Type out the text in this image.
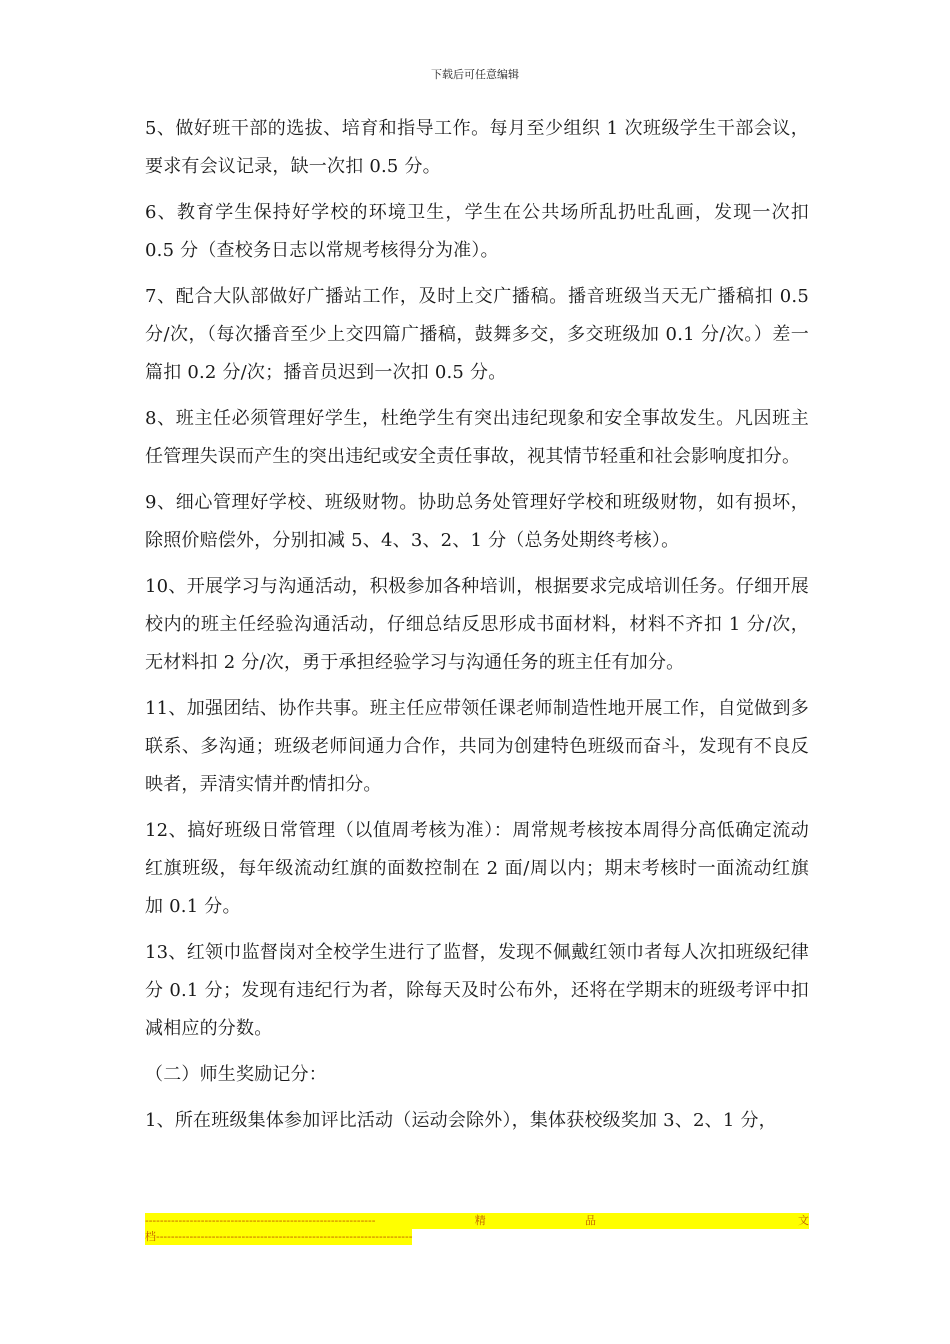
下载后可任意编辑

5、做好班干部的选拔、培育和指导工作。每月至少组织 1 次班级学生干部会议，要求有会议记录，缺一次扣 0.5 分。

6、教育学生保持好学校的环境卫生，学生在公共场所乱扔吐乱画，发现一次扣 0.5 分（查校务日志以常规考核得分为准）。

7、配合大队部做好广播站工作，及时上交广播稿。播音班级当天无广播稿扣 0.5 分/次，（每次播音至少上交四篇广播稿，鼓舞多交，多交班级加 0.1 分/次。）差一篇扣 0.2 分/次；播音员迟到一次扣 0.5 分。

8、班主任必须管理好学生，杜绝学生有突出违纪现象和安全事故发生。凡因班主任管理失误而产生的突出违纪或安全责任事故，视其情节轻重和社会影响度扣分。

9、细心管理好学校、班级财物。协助总务处管理好学校和班级财物，如有损坏，除照价赔偿外，分别扣减 5、4、3、2、1 分（总务处期终考核）。

10、开展学习与沟通活动，积极参加各种培训，根据要求完成培训任务。仔细开展校内的班主任经验沟通活动，仔细总结反思形成书面材料，材料不齐扣 1 分/次，无材料扣 2 分/次，勇于承担经验学习与沟通任务的班主任有加分。

11、加强团结、协作共事。班主任应带领任课老师制造性地开展工作，自觉做到多联系、多沟通；班级老师间通力合作，共同为创建特色班级而奋斗，发现有不良反映者，弄清实情并酌情扣分。

12、搞好班级日常管理（以值周考核为准）：周常规考核按本周得分高低确定流动红旗班级，每年级流动红旗的面数控制在 2 面/周以内；期末考核时一面流动红旗加 0.1 分。

13、红领巾监督岗对全校学生进行了监督，发现不佩戴红领巾者每人次扣班级纪律分 0.1 分；发现有违纪行为者，除每天及时公布外，还将在学期末的班级考评中扣减相应的分数。

（二）师生奖励记分：

1、所在班级集体参加评比活动（运动会除外），集体获校级奖加 3、2、1 分，

--------------------------------------------------------------	精	品
	文
档---------------------------------------------------------------------
